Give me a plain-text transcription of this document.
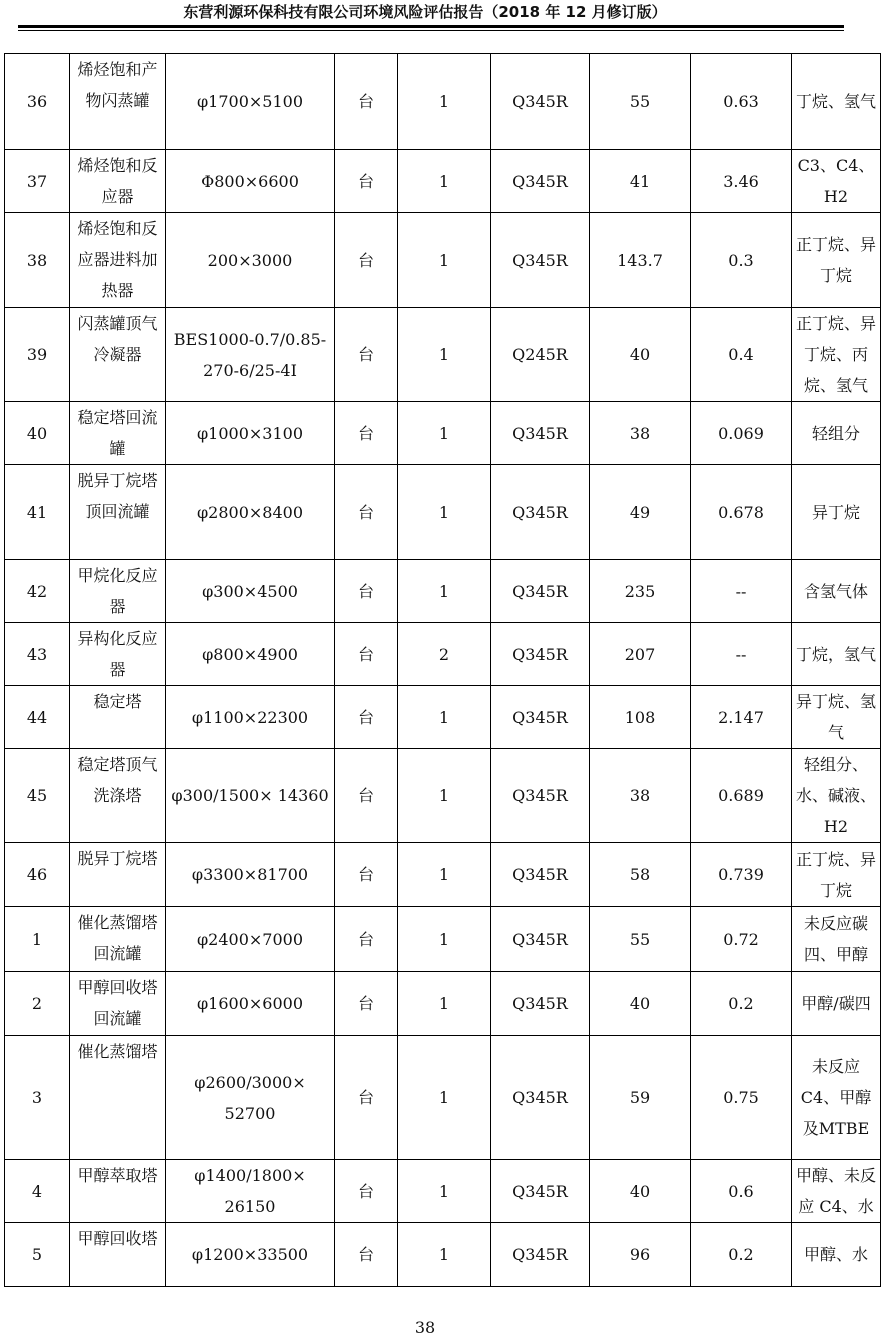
东营利源环保科技有限公司环境风险评估报告（2018 年 12 月修订版）
36	烯烃饱和产物闪蒸罐	φ1700×5100	台	1	Q345R	55	0.63	丁烷、氢气
37	烯烃饱和反应器	Φ800×6600	台	1	Q345R	41	3.46	C3、C4、H2
38	烯烃饱和反应器进料加热器	200×3000	台	1	Q345R	143.7	0.3	正丁烷、异丁烷
39	闪蒸罐顶气冷凝器	BES1000-0.7/0.85-270-6/25-4I	台	1	Q245R	40	0.4	正丁烷、异丁烷、丙烷、氢气
40	稳定塔回流罐	φ1000×3100	台	1	Q345R	38	0.069	轻组分
41	脱异丁烷塔顶回流罐	φ2800×8400	台	1	Q345R	49	0.678	异丁烷
42	甲烷化反应器	φ300×4500	台	1	Q345R	235	--	含氢气体
43	异构化反应器	φ800×4900	台	2	Q345R	207	--	丁烷，氢气
44	稳定塔	φ1100×22300	台	1	Q345R	108	2.147	异丁烷、氢气
45	稳定塔顶气洗涤塔	φ300/1500× 14360	台	1	Q345R	38	0.689	轻组分、水、碱液、H2
46	脱异丁烷塔	φ3300×81700	台	1	Q345R	58	0.739	正丁烷、异丁烷
1	催化蒸馏塔回流罐	φ2400×7000	台	1	Q345R	55	0.72	未反应碳四、甲醇
2	甲醇回收塔回流罐	φ1600×6000	台	1	Q345R	40	0.2	甲醇/碳四
3	催化蒸馏塔	φ2600/3000× 52700	台	1	Q345R	59	0.75	未反应C4、甲醇及MTBE
4	甲醇萃取塔	φ1400/1800× 26150	台	1	Q345R	40	0.6	甲醇、未反应 C4、水
5	甲醇回收塔	φ1200×33500	台	1	Q345R	96	0.2	甲醇、水
38
